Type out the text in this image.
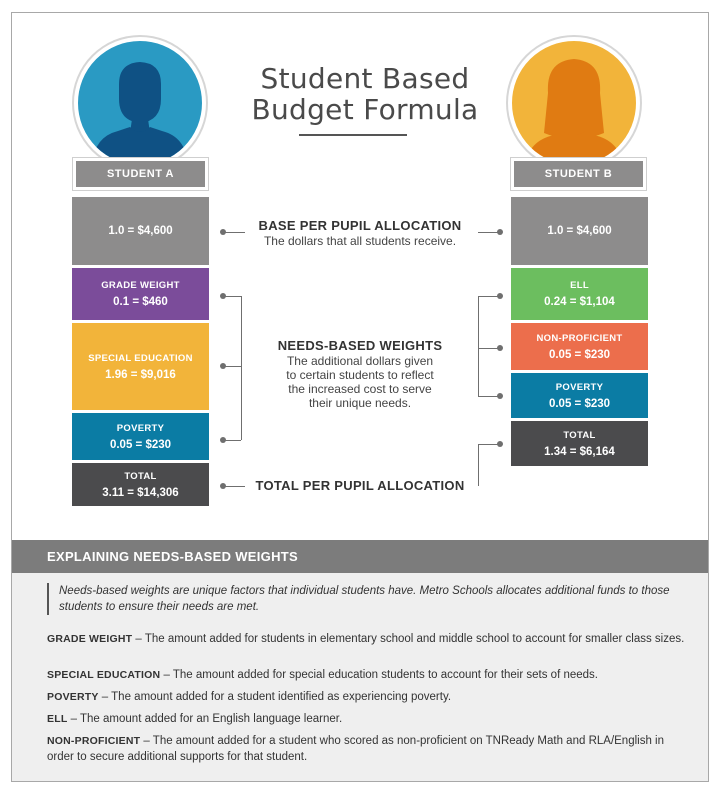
Student Based
Budget Formula
STUDENT A	STUDENT B
1.0 = $4,600
GRADE WEIGHT
0.1 = $460
SPECIAL EDUCATION
1.96 = $9,016
POVERTY
0.05 = $230
TOTAL
3.11 = $14,306
1.0 = $4,600
ELL
0.24 = $1,104
NON-PROFICIENT
0.05 = $230
POVERTY
0.05 = $230
TOTAL
1.34 = $6,164
BASE PER PUPIL ALLOCATION
The dollars that all students receive.
NEEDS-BASED WEIGHTS
The additional dollars given
to certain students to reflect
the increased cost to serve
their unique needs.
TOTAL PER PUPIL ALLOCATION
EXPLAINING NEEDS-BASED WEIGHTS
Needs-based weights are unique factors that individual students have. Metro Schools allocates additional funds to those students to ensure their needs are met.
GRADE WEIGHT – The amount added for students in elementary school and middle school to account for smaller class sizes.
SPECIAL EDUCATION – The amount added for special education students to account for their sets of needs.
POVERTY – The amount added for a student identified as experiencing poverty.
ELL – The amount added for an English language learner.
NON-PROFICIENT – The amount added for a student who scored as non-proficient on TNReady Math and RLA/English in order to secure additional supports for that student.
